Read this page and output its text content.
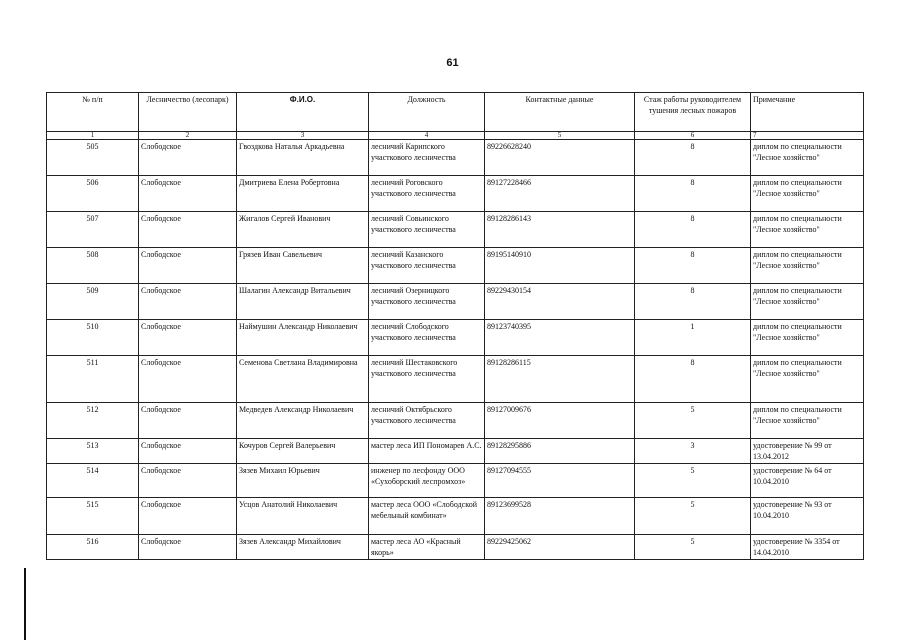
61
№ п/п	Лесничество (лесопарк)	Ф.И.О.	Должность	Контактные данные	Стаж работы руководителем тушения лесных пожаров	Примечание
1	2	3	4	5	6	7
505	Слободское	Гвоздкова Наталья Аркадьевна	лесничий Карипского участкового лесничества	89226628240	8	диплом по специальности "Лесное хозяйство"
506	Слободское	Дмитриева Елена Робертовна	лесничий Роговского участкового лесничества	89127228466	8	диплом по специальности "Лесное хозяйство"
507	Слободское	Жигалов Сергей Иванович	лесничий Совьинского участкового лесничества	89128286143	8	диплом по специальности "Лесное хозяйство"
508	Слободское	Грязев Иван Савельевич	лесничий Казанского участкового лесничества	89195140910	8	диплом по специальности "Лесное хозяйство"
509	Слободское	Шалагин Александр Витальевич	лесничий Озерницкого участкового лесничества	89229430154	8	диплом по специальности "Лесное хозяйство"
510	Слободское	Наймушин Александр Николаевич	лесничий Слободского участкового лесничества	89123740395	1	диплом по специальности "Лесное хозяйство"
511	Слободское	Семенова Светлана Владимировна	лесничий Шестаковского участкового лесничества	89128286115	8	диплом по специальности "Лесное хозяйство"
512	Слободское	Медведев Александр Николаевич	лесничий Октябрьского участкового лесничества	89127009676	5	диплом по специальности "Лесное хозяйство"
513	Слободское	Кочуров Сергей Валерьевич	мастер леса ИП Пономарев А.С.	89128295886	3	удостоверение № 99 от 13.04.2012
514	Слободское	Зязев Михаил Юрьевич	инженер по лесфонду ООО «Сухоборский леспромхоз»	89127094555	5	удостоверение № 64 от 10.04.2010
515	Слободское	Усцов Анатолий Николаевич	мастер леса ООО «Слободской мебельный комбинат»	89123699528	5	удостоверение № 93 от 10.04.2010
516	Слободское	Зязев Александр Михайлович	мастер леса АО «Красный якорь»	89229425062	5	удостоверение № 3354 от 14.04.2010
